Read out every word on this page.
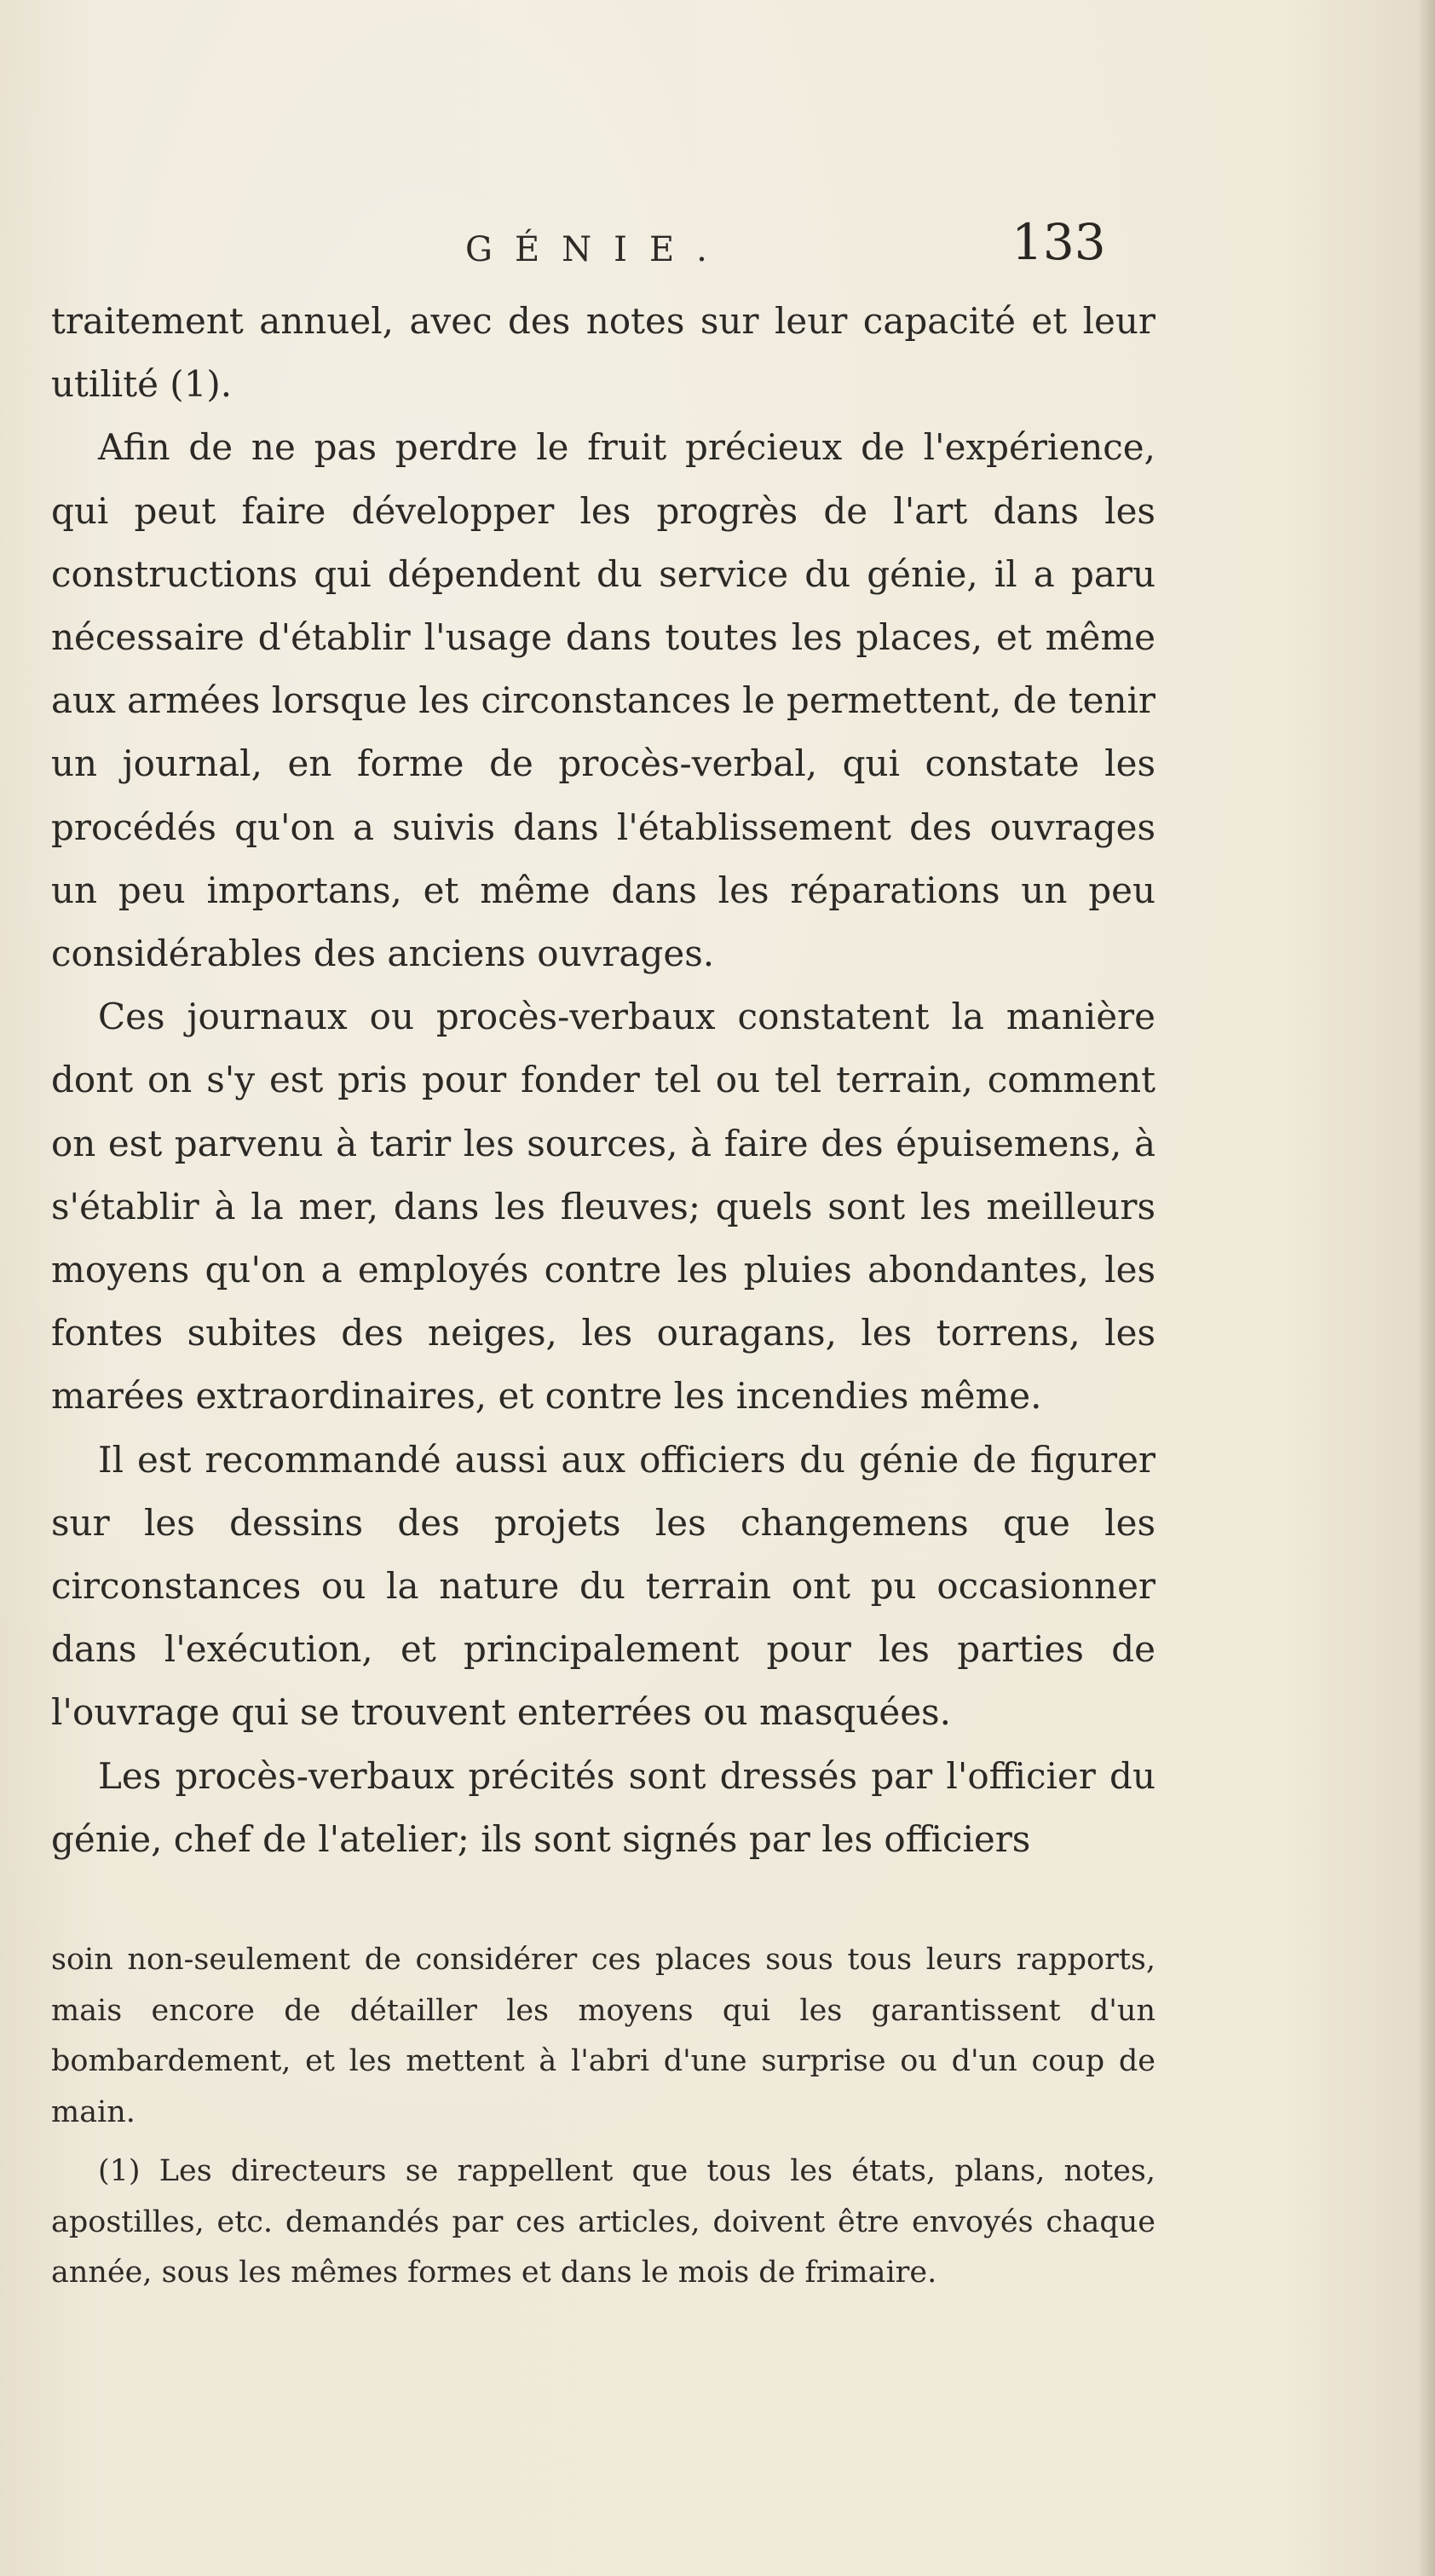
GÉNIE.	133

traitement annuel, avec des notes sur leur capacité et leur utilité (1).

Afin de ne pas perdre le fruit précieux de l'expérience, qui peut faire développer les progrès de l'art dans les constructions qui dépendent du service du génie, il a paru nécessaire d'établir l'usage dans toutes les places, et même aux armées lorsque les circonstances le permettent, de tenir un journal, en forme de procès-verbal, qui constate les procédés qu'on a suivis dans l'établissement des ouvrages un peu importans, et même dans les réparations un peu considérables des anciens ouvrages.

Ces journaux ou procès-verbaux constatent la manière dont on s'y est pris pour fonder tel ou tel terrain, comment on est parvenu à tarir les sources, à faire des épuisemens, à s'établir à la mer, dans les fleuves; quels sont les meilleurs moyens qu'on a employés contre les pluies abondantes, les fontes subites des neiges, les ouragans, les torrens, les marées extraordinaires, et contre les incendies même.

Il est recommandé aussi aux officiers du génie de figurer sur les dessins des projets les changemens que les circonstances ou la nature du terrain ont pu occasionner dans l'exécution, et principalement pour les parties de l'ouvrage qui se trouvent enterrées ou masquées.

Les procès-verbaux précités sont dressés par l'officier du génie, chef de l'atelier; ils sont signés par les officiers

soin non-seulement de considérer ces places sous tous leurs rapports, mais encore de détailler les moyens qui les garantissent d'un bombardement, et les mettent à l'abri d'une surprise ou d'un coup de main.

(1) Les directeurs se rappellent que tous les états, plans, notes, apostilles, etc. demandés par ces articles, doivent être envoyés chaque année, sous les mêmes formes et dans le mois de frimaire.
